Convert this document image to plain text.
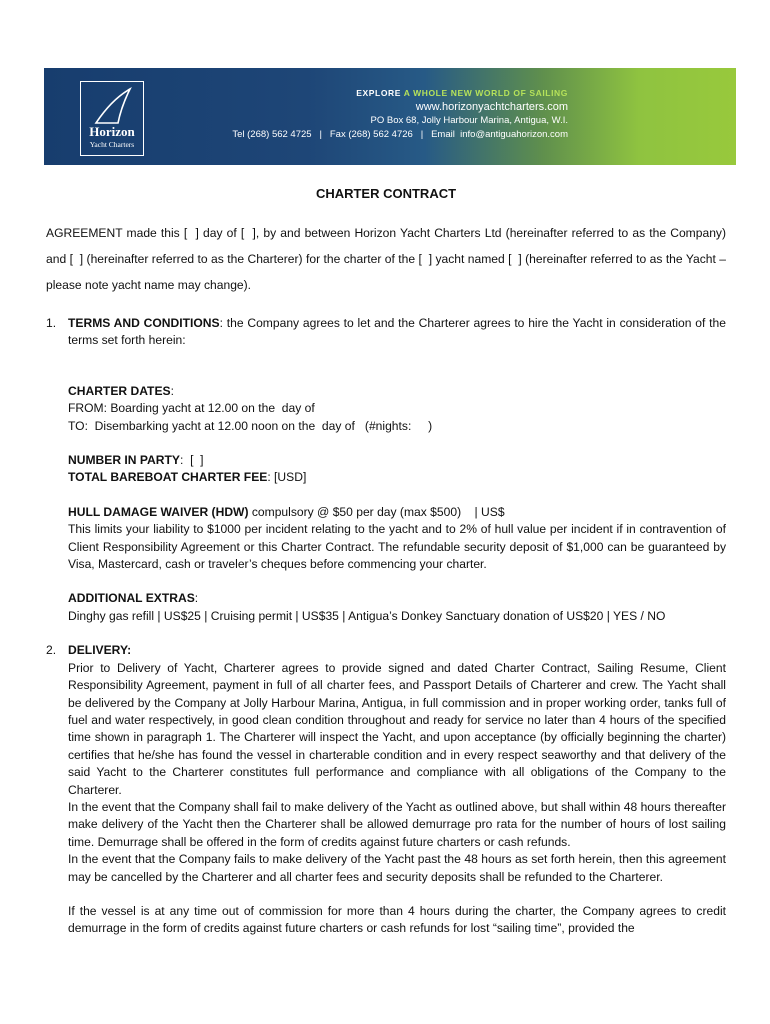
Horizon
Yacht Charters
EXPLORE A WHOLE NEW WORLD OF SAILING
www.horizonyachtcharters.com
PO Box 68, Jolly Harbour Marina, Antigua, W.I.
Tel (268) 562 4725   |   Fax (268) 562 4726   |   Email  info@antiguahorizon.com
CHARTER CONTRACT

AGREEMENT made this [  ] day of [  ], by and between Horizon Yacht Charters Ltd (hereinafter referred to as the Company) and [  ] (hereinafter referred to as the Charterer) for the charter of the [  ] yacht named [  ] (hereinafter referred to as the Yacht – please note yacht name may change).

1. TERMS AND CONDITIONS: the Company agrees to let and the Charterer agrees to hire the Yacht in consideration of the terms set forth herein:

CHARTER DATES:

FROM: Boarding yacht at 12.00 on the  day of

TO:  Disembarking yacht at 12.00 noon on the  day of   (#nights:     )

NUMBER IN PARTY:  [  ]

TOTAL BAREBOAT CHARTER FEE: [USD]

HULL DAMAGE WAIVER (HDW) compulsory @ $50 per day (max $500)    | US$

This limits your liability to $1000 per incident relating to the yacht and to 2% of hull value per incident if in contravention of Client Responsibility Agreement or this Charter Contract. The refundable security deposit of $1,000 can be guaranteed by Visa, Mastercard, cash or traveler’s cheques before commencing your charter.

ADDITIONAL EXTRAS:

Dinghy gas refill | US$25 | Cruising permit | US$35 | Antigua’s Donkey Sanctuary donation of US$20 | YES / NO

2. DELIVERY:

Prior to Delivery of Yacht, Charterer agrees to provide signed and dated Charter Contract, Sailing Resume, Client Responsibility Agreement, payment in full of all charter fees, and Passport Details of Charterer and crew. The Yacht shall be delivered by the Company at Jolly Harbour Marina, Antigua, in full commission and in proper working order, tanks full of fuel and water respectively, in good clean condition throughout and ready for service no later than 4 hours of the specified time shown in paragraph 1. The Charterer will inspect the Yacht, and upon acceptance (by officially beginning the charter) certifies that he/she has found the vessel in charterable condition and in every respect seaworthy and that delivery of the said Yacht to the Charterer constitutes full performance and compliance with all obligations of the Company to the Charterer.

In the event that the Company shall fail to make delivery of the Yacht as outlined above, but shall within 48 hours thereafter make delivery of the Yacht then the Charterer shall be allowed demurrage pro rata for the number of hours of lost sailing time. Demurrage shall be offered in the form of credits against future charters or cash refunds.

In the event that the Company fails to make delivery of the Yacht past the 48 hours as set forth herein, then this agreement may be cancelled by the Charterer and all charter fees and security deposits shall be refunded to the Charterer.

If the vessel is at any time out of commission for more than 4 hours during the charter, the Company agrees to credit demurrage in the form of credits against future charters or cash refunds for lost “sailing time”, provided the
